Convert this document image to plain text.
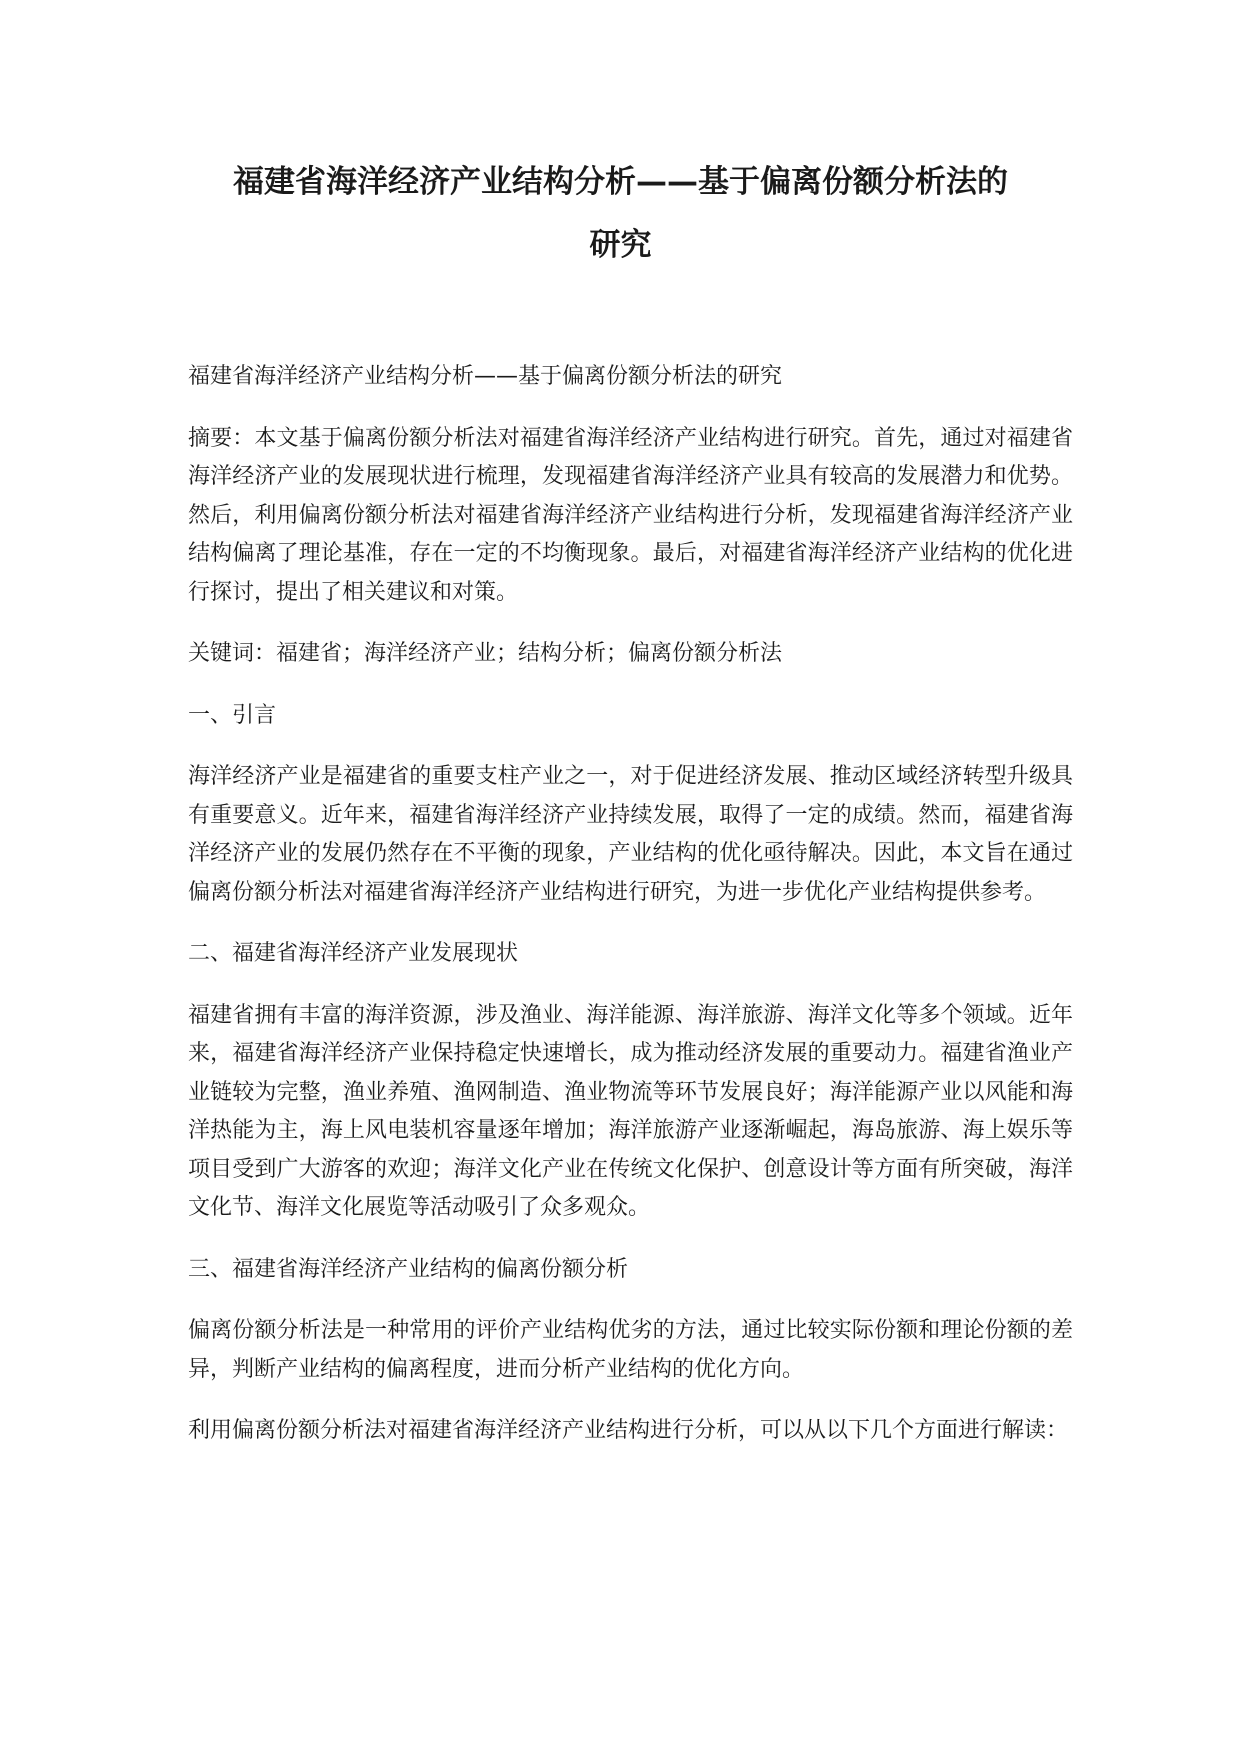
福建省海洋经济产业结构分析——基于偏离份额分析法的
研究

福建省海洋经济产业结构分析——基于偏离份额分析法的研究

摘要：本文基于偏离份额分析法对福建省海洋经济产业结构进行研究。首先，通过对福建省海洋经济产业的发展现状进行梳理，发现福建省海洋经济产业具有较高的发展潜力和优势。然后，利用偏离份额分析法对福建省海洋经济产业结构进行分析，发现福建省海洋经济产业结构偏离了理论基准，存在一定的不均衡现象。最后，对福建省海洋经济产业结构的优化进行探讨，提出了相关建议和对策。

关键词：福建省；海洋经济产业；结构分析；偏离份额分析法

一、引言

海洋经济产业是福建省的重要支柱产业之一，对于促进经济发展、推动区域经济转型升级具有重要意义。近年来，福建省海洋经济产业持续发展，取得了一定的成绩。然而，福建省海洋经济产业的发展仍然存在不平衡的现象，产业结构的优化亟待解决。因此，本文旨在通过偏离份额分析法对福建省海洋经济产业结构进行研究，为进一步优化产业结构提供参考。

二、福建省海洋经济产业发展现状

福建省拥有丰富的海洋资源，涉及渔业、海洋能源、海洋旅游、海洋文化等多个领域。近年来，福建省海洋经济产业保持稳定快速增长，成为推动经济发展的重要动力。福建省渔业产业链较为完整，渔业养殖、渔网制造、渔业物流等环节发展良好；海洋能源产业以风能和海洋热能为主，海上风电装机容量逐年增加；海洋旅游产业逐渐崛起，海岛旅游、海上娱乐等项目受到广大游客的欢迎；海洋文化产业在传统文化保护、创意设计等方面有所突破，海洋文化节、海洋文化展览等活动吸引了众多观众。

三、福建省海洋经济产业结构的偏离份额分析

偏离份额分析法是一种常用的评价产业结构优劣的方法，通过比较实际份额和理论份额的差异，判断产业结构的偏离程度，进而分析产业结构的优化方向。

利用偏离份额分析法对福建省海洋经济产业结构进行分析，可以从以下几个方面进行解读：
